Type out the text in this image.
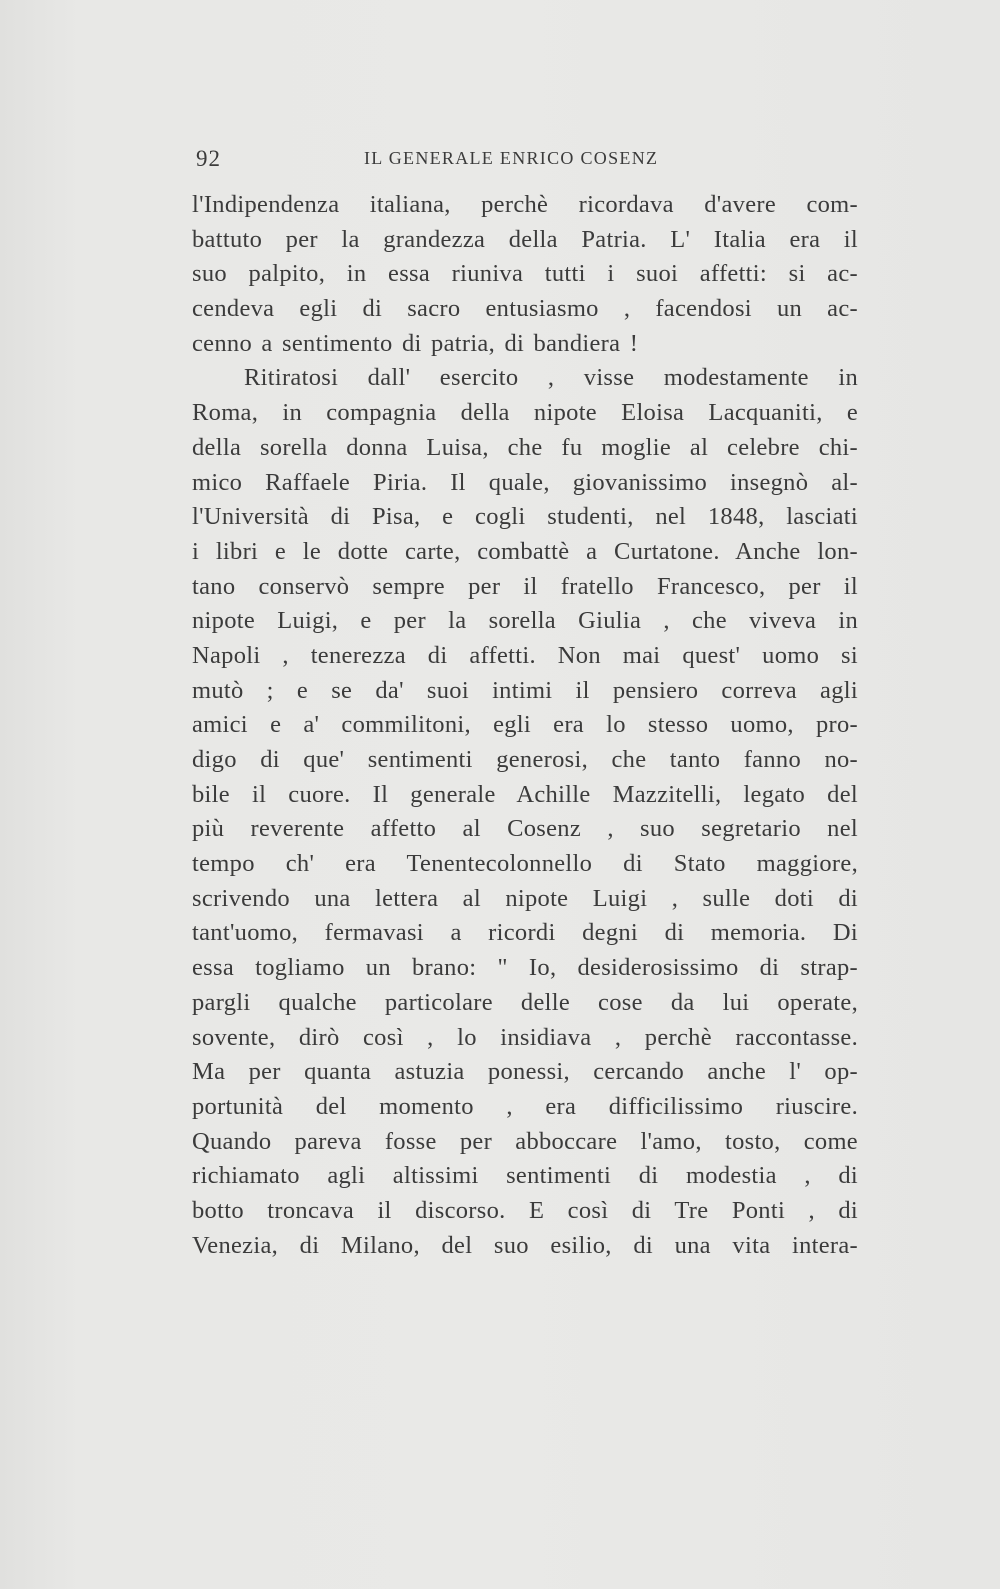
92	IL GENERALE ENRICO COSENZ
l'Indipendenza italiana, perchè ricordava d'avere com-
battuto per la grandezza della Patria. L' Italia era il
suo palpito, in essa riuniva tutti i suoi affetti: si ac-
cendeva egli di sacro entusiasmo , facendosi un ac-
cenno a sentimento di patria, di bandiera !
Ritiratosi dall' esercito , visse modestamente in
Roma, in compagnia della nipote Eloisa Lacquaniti, e
della sorella donna Luisa, che fu moglie al celebre chi-
mico Raffaele Piria. Il quale, giovanissimo insegnò al-
l'Università di Pisa, e cogli studenti, nel 1848, lasciati
i libri e le dotte carte, combattè a Curtatone. Anche lon-
tano conservò sempre per il fratello Francesco, per il
nipote Luigi, e per la sorella Giulia , che viveva in
Napoli , tenerezza di affetti. Non mai quest' uomo si
mutò ; e se da' suoi intimi il pensiero correva agli
amici e a' commilitoni, egli era lo stesso uomo, pro-
digo di que' sentimenti generosi, che tanto fanno no-
bile il cuore. Il generale Achille Mazzitelli, legato del
più reverente affetto al Cosenz , suo segretario nel
tempo ch' era Tenentecolonnello di Stato maggiore,
scrivendo una lettera al nipote Luigi , sulle doti di
tant'uomo, fermavasi a ricordi degni di memoria. Di
essa togliamo un brano: " Io, desiderosissimo di strap-
pargli qualche particolare delle cose da lui operate,
sovente, dirò così , lo insidiava , perchè raccontasse.
Ma per quanta astuzia ponessi, cercando anche l' op-
portunità del momento , era difficilissimo riuscire.
Quando pareva fosse per abboccare l'amo, tosto, come
richiamato agli altissimi sentimenti di modestia , di
botto troncava il discorso. E così di Tre Ponti , di
Venezia, di Milano, del suo esilio, di una vita intera-
